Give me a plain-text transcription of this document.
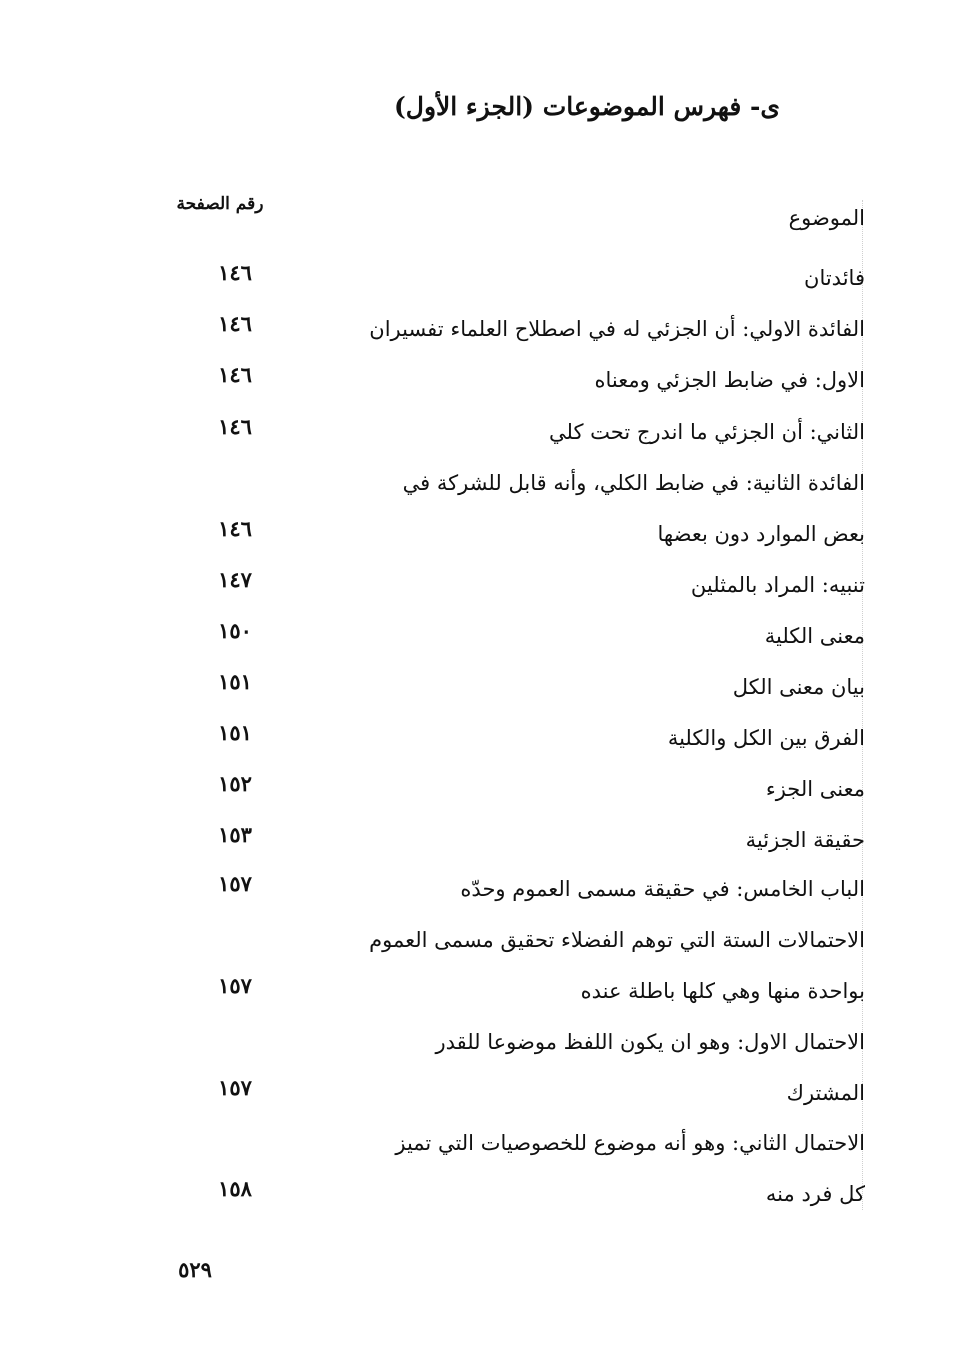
ى- فهرس الموضوعات (الجزء الأول)
الموضوع
رقم الصفحة
فائدتان
١٤٦
الفائدة الاولي: أن الجزئي له في اصطلاح العلماء تفسيران
١٤٦
الاول: في ضابط الجزئي ومعناه
١٤٦
الثاني: أن الجزئي ما اندرج تحت كلي
١٤٦
الفائدة الثانية: في ضابط الكلي، وأنه قابل للشركة في
بعض الموارد دون بعضها
١٤٦
تنبيه: المراد بالمثلين
١٤٧
معنى الكلية
١٥٠
بيان معنى الكل
١٥١
الفرق بين الكل والكلية
١٥١
معنى الجزء
١٥٢
حقيقة الجزئية
١٥٣
الباب الخامس: في حقيقة مسمى العموم وحدّه
١٥٧
الاحتمالات الستة التي توهم الفضلاء تحقيق مسمى العموم
بواحدة منها وهي كلها باطلة عنده
١٥٧
الاحتمال الاول: وهو ان يكون اللفظ موضوعا للقدر
المشترك
١٥٧
الاحتمال الثاني: وهو أنه موضوع للخصوصيات التي تميز
كل فرد منه
١٥٨
٥٢٩
